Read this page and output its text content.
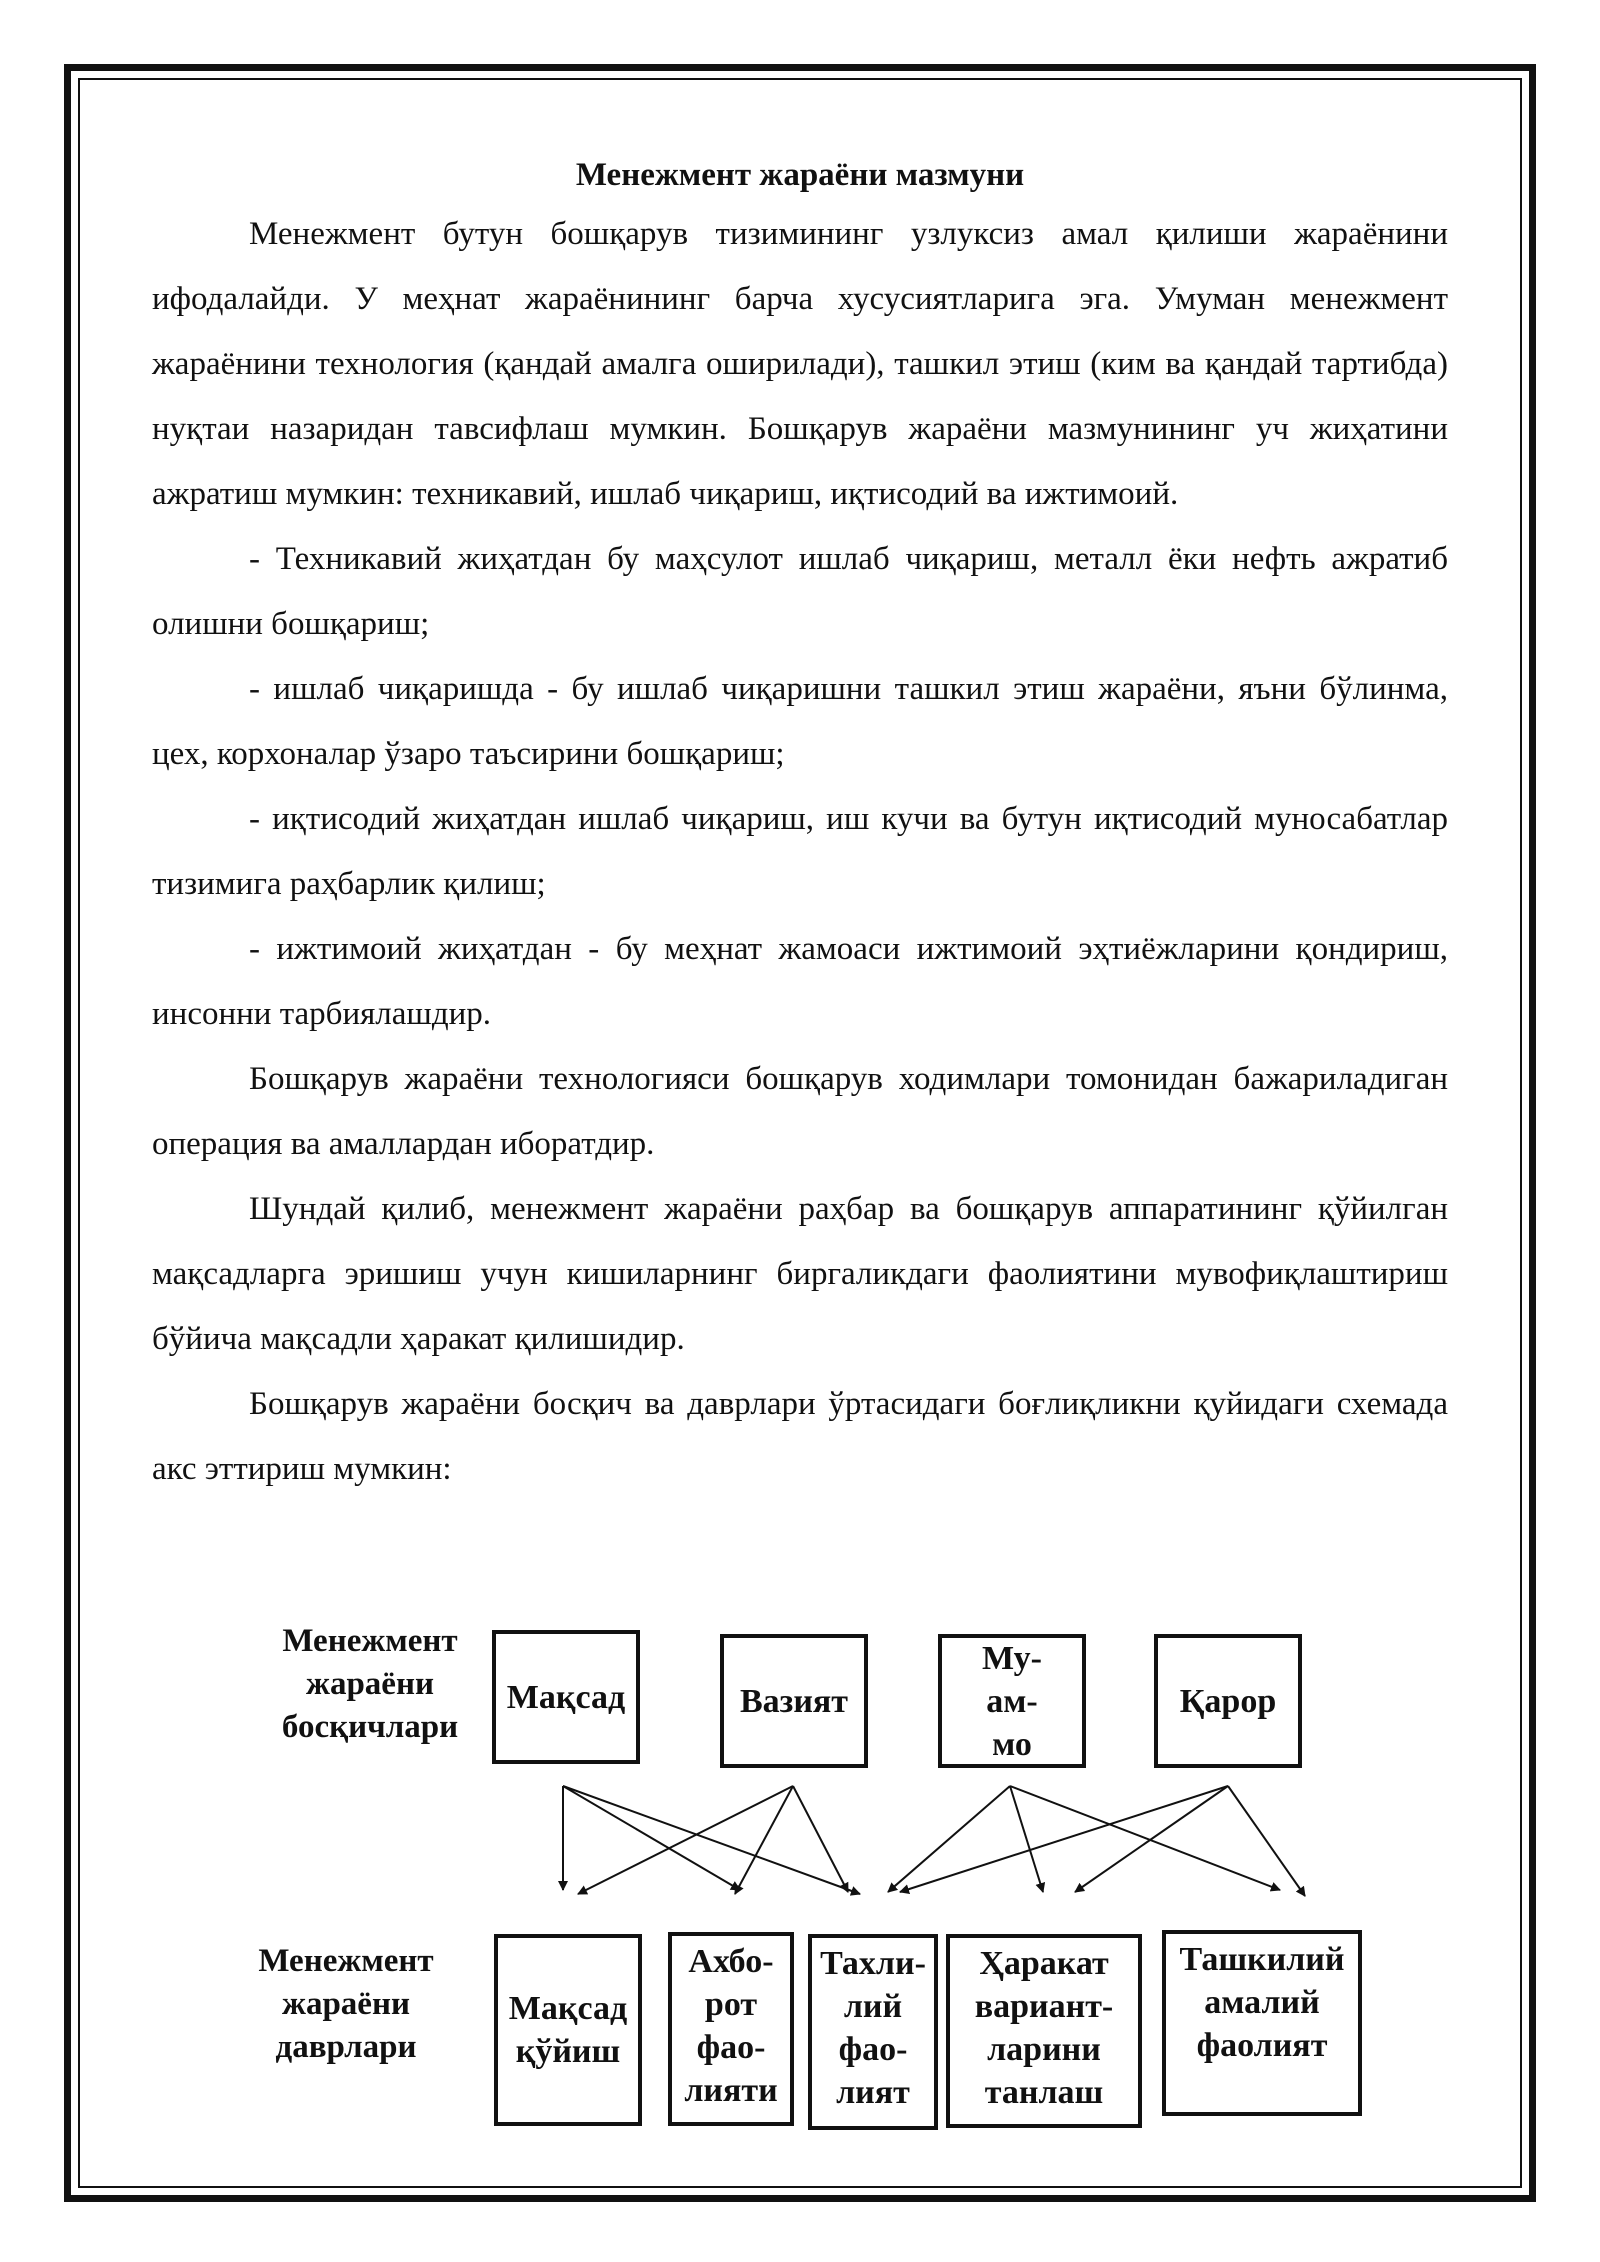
Менежмент жараёни мазмуни

Менежмент бутун бошқарув тизимининг узлуксиз амал қилиши жараёнини ифодалайди. У меҳнат жараёнининг барча хусусиятларига эга. Умуман менежмент жараёнини технология (қандай амалга оширилади), ташкил этиш (ким ва қандай тартибда) нуқтаи назаридан тавсифлаш мумкин. Бошқарув жараёни мазмунининг уч жиҳатини ажратиш мумкин: техникавий, ишлаб чиқариш, иқтисодий ва ижтимоий.

- Техникавий жиҳатдан бу маҳсулот ишлаб чиқариш, металл ёки нефть ажратиб олишни бошқариш;

- ишлаб чиқаришда - бу ишлаб чиқаришни ташкил этиш жараёни, яъни бўлинма, цех, корхоналар ўзаро таъсирини бошқариш;

- иқтисодий жиҳатдан ишлаб чиқариш, иш кучи ва бутун иқтисодий муносабатлар тизимига раҳбарлик қилиш;

- ижтимоий жиҳатдан - бу меҳнат жамоаси ижтимоий эҳтиёжларини қондириш, инсонни тарбиялашдир.

Бошқарув жараёни технологияси бошқарув ходимлари томонидан бажариладиган операция ва амаллардан иборатдир.

Шундай қилиб, менежмент жараёни раҳбар ва бошқарув аппаратининг қўйилган мақсадларга эришиш учун кишиларнинг биргаликдаги фаолиятини мувофиқлаштириш бўйича мақсадли ҳаракат қилишидир.

Бошқарув жараёни босқич ва даврлари ўртасидаги боғлиқликни қуйидаги схемада акс эттириш мумкин:

Менежмент
жараёни
босқичлари
Мақсад	Вазият
Му-
ам-
мо
Қарор
Менежмент
жараёни
даврлари
Мақсад
қўйиш
Ахбо-
рот
фао-
лияти
Тахли-
лий
фао-
лият
Ҳаракат
вариант-
ларини
танлаш
Ташкилий
амалий
фаолият
